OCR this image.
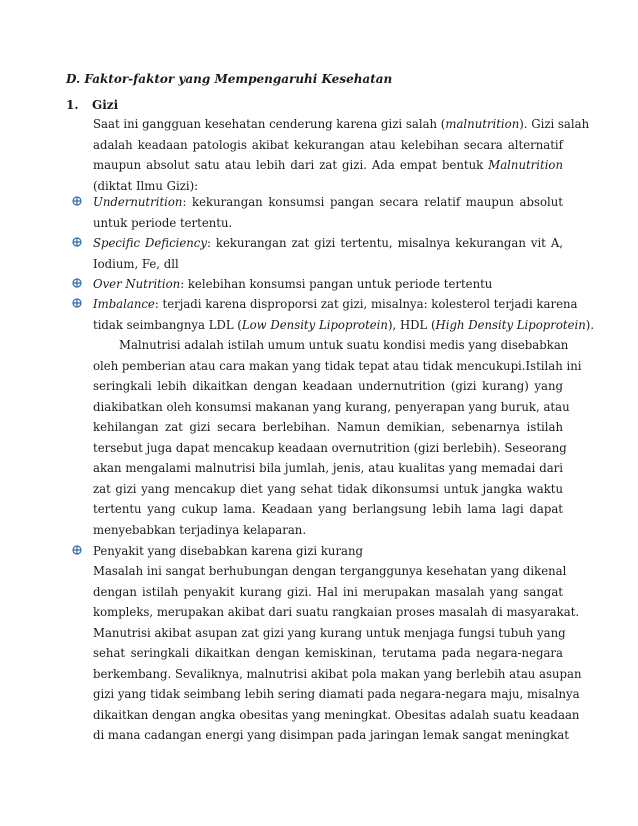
D. Faktor-faktor yang Mempengaruhi Kesehatan

1. Gizi

Saat ini gangguan kesehatan cenderung karena gizi salah (malnutrition). Gizi salah
adalah keadaan patologis akibat kekurangan atau kelebihan secara alternatif
maupun absolut satu atau lebih dari zat gizi. Ada empat bentuk Malnutrition
(diktat Ilmu Gizi):
Undernutrition: kekurangan konsumsi pangan secara relatif maupun absolut
untuk periode tertentu.
Specific Deficiency: kekurangan zat gizi tertentu, misalnya kekurangan vit A,
Iodium, Fe, dll
Over Nutrition: kelebihan konsumsi pangan untuk periode tertentu
Imbalance: terjadi karena disproporsi zat gizi, misalnya: kolesterol terjadi karena
tidak seimbangnya LDL (Low Density Lipoprotein), HDL (High Density Lipoprotein).
Malnutrisi adalah istilah umum untuk suatu kondisi medis yang disebabkan
oleh pemberian atau cara makan yang tidak tepat atau tidak mencukupi.Istilah ini
seringkali lebih dikaitkan dengan keadaan undernutrition (gizi kurang) yang
diakibatkan oleh konsumsi makanan yang kurang, penyerapan yang buruk, atau
kehilangan zat gizi secara berlebihan. Namun demikian, sebenarnya istilah
tersebut juga dapat mencakup keadaan overnutrition (gizi berlebih). Seseorang
akan mengalami malnutrisi bila jumlah, jenis, atau kualitas yang memadai dari
zat gizi yang mencakup diet yang sehat tidak dikonsumsi untuk jangka waktu
tertentu yang cukup lama. Keadaan yang berlangsung lebih lama lagi dapat
menyebabkan terjadinya kelaparan.
Penyakit yang disebabkan karena gizi kurang
Masalah ini sangat berhubungan dengan terganggunya kesehatan yang dikenal
dengan istilah penyakit kurang gizi. Hal ini merupakan masalah yang sangat
kompleks, merupakan akibat dari suatu rangkaian proses masalah di masyarakat.
Manutrisi akibat asupan zat gizi yang kurang untuk menjaga fungsi tubuh yang
sehat seringkali dikaitkan dengan kemiskinan, terutama pada negara-negara
berkembang. Sevaliknya, malnutrisi akibat pola makan yang berlebih atau asupan
gizi yang tidak seimbang lebih sering diamati pada negara-negara maju, misalnya
dikaitkan dengan angka obesitas yang meningkat. Obesitas adalah suatu keadaan
di mana cadangan energi yang disimpan pada jaringan lemak sangat meningkat
